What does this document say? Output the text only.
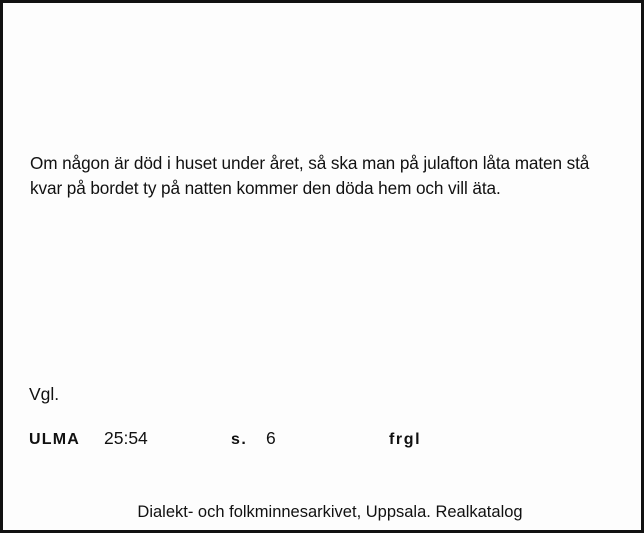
Om någon är död i huset under året, så ska man på julafton låta maten stå kvar på bordet ty på natten kommer den döda hem och vill äta.
Vgl.
ULMA 25:54	s. 6	frgl
Dialekt- och folkminnesarkivet, Uppsala. Realkatalog
